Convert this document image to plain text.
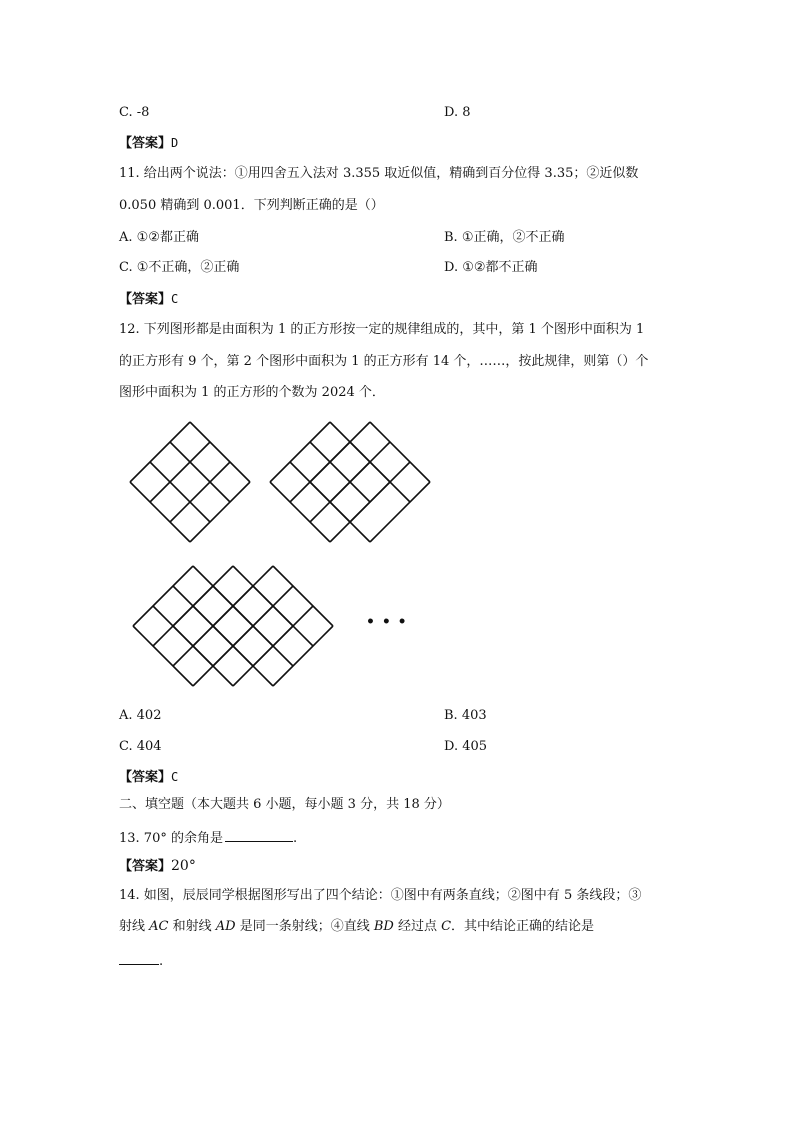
C. -8	D. 8
【答案】D
11. 给出两个说法：①用四舍五入法对 3.355 取近似值，精确到百分位得 3.35；②近似数
0.050 精确到 0.001．下列判断正确的是（）
A. ①②都正确	B. ①正确，②不正确
C. ①不正确，②正确	D. ①②都不正确
【答案】C
12. 下列图形都是由面积为 1 的正方形按一定的规律组成的，其中，第 1 个图形中面积为 1
的正方形有 9 个，第 2 个图形中面积为 1 的正方形有 14 个，……，按此规律，则第（）个
图形中面积为 1 的正方形的个数为 2024 个．
• • •
A. 402	B. 403
C. 404	D. 405
【答案】C
二、填空题（本大题共 6 小题，每小题 3 分，共 18 分）
13. 70° 的余角是	.
【答案】20°
14. 如图，辰辰同学根据图形写出了四个结论：①图中有两条直线；②图中有 5 条线段；③
射线 AC 和射线 AD 是同一条射线；④直线 BD 经过点 C．其中结论正确的结论是
.
